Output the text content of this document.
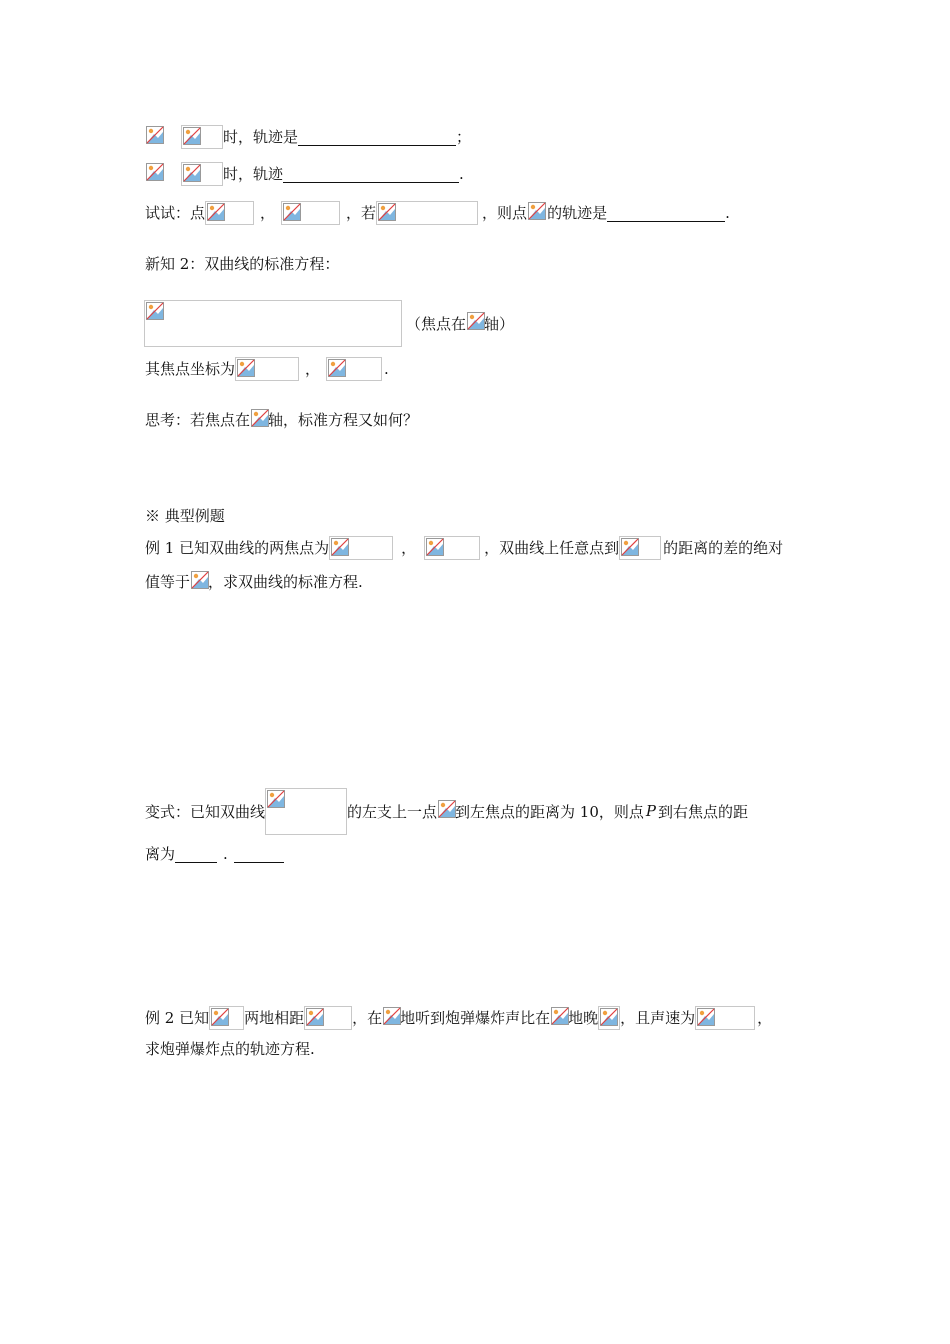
时，轨迹是	；
时，轨迹	.
试试：点	，	，若	，则点 的轨迹是	.
新知 2：双曲线的标准方程：
（焦点在 轴）
其焦点坐标为	，	.
思考：若焦点在 轴，标准方程又如何？
※ 典型例题
例 1 已知双曲线的两焦点为	，	，双曲线上任意点到	的距离的差的绝对
值等于 ，求双曲线的标准方程.
变式：已知双曲线	的左支上一点 到左焦点的距离为 10，则点 P 到右焦点的距
离为	.
例 2 已知 两地相距	，在 地听到炮弹爆炸声比在 地晚 ，且声速为	，
求炮弹爆炸点的轨迹方程.
